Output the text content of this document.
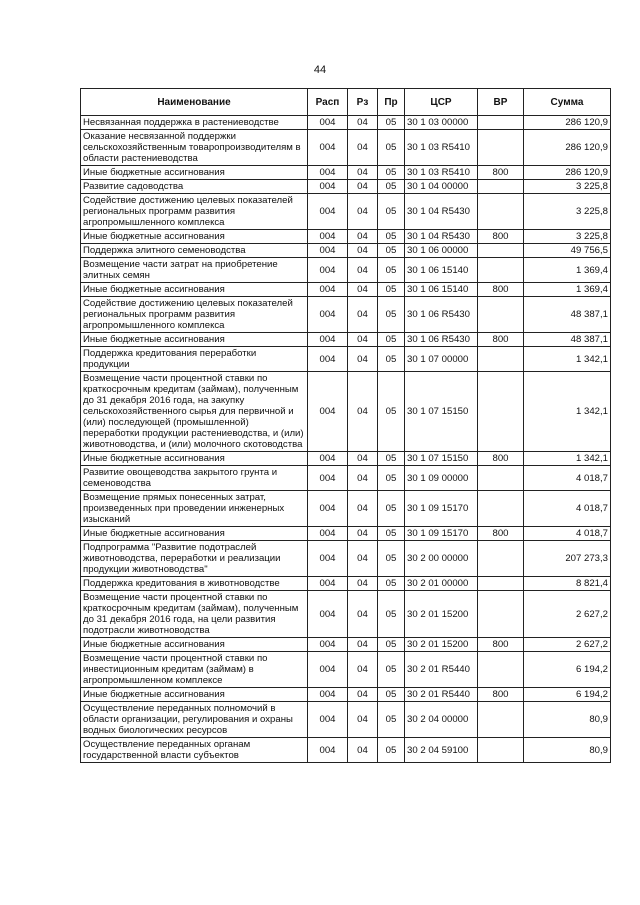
44
Наименование	Расп	Рз	Пр	ЦСР	ВР	Сумма
Несвязанная поддержка в растениеводстве	004	04	05	30 1 03 00000		286 120,9
Оказание несвязанной поддержки сельскохозяйственным товаропроизводителям в области растениеводства	004	04	05	30 1 03 R5410		286 120,9
Иные бюджетные ассигнования	004	04	05	30 1 03 R5410	800	286 120,9
Развитие садоводства	004	04	05	30 1 04 00000		3 225,8
Содействие достижению целевых показателей региональных программ развития агропромышленного комплекса	004	04	05	30 1 04 R5430		3 225,8
Иные бюджетные ассигнования	004	04	05	30 1 04 R5430	800	3 225,8
Поддержка элитного семеноводства	004	04	05	30 1 06 00000		49 756,5
Возмещение части затрат на приобретение элитных семян	004	04	05	30 1 06 15140		1 369,4
Иные бюджетные ассигнования	004	04	05	30 1 06 15140	800	1 369,4
Содействие достижению целевых показателей региональных программ развития агропромышленного комплекса	004	04	05	30 1 06 R5430		48 387,1
Иные бюджетные ассигнования	004	04	05	30 1 06 R5430	800	48 387,1
Поддержка кредитования переработки продукции	004	04	05	30 1 07 00000		1 342,1
Возмещение части процентной ставки по краткосрочным кредитам (займам), полученным до 31 декабря 2016 года, на закупку сельскохозяйственного сырья для первичной и (или) последующей (промышленной) переработки продукции растениеводства, и (или) животноводства, и (или) молочного скотоводства	004	04	05	30 1 07 15150		1 342,1
Иные бюджетные ассигнования	004	04	05	30 1 07 15150	800	1 342,1
Развитие овощеводства закрытого грунта и семеноводства	004	04	05	30 1 09 00000		4 018,7
Возмещение прямых понесенных затрат, произведенных при проведении инженерных изысканий	004	04	05	30 1 09 15170		4 018,7
Иные бюджетные ассигнования	004	04	05	30 1 09 15170	800	4 018,7
Подпрограмма "Развитие подотраслей животноводства, переработки и реализации продукции животноводства"	004	04	05	30 2 00 00000		207 273,3
Поддержка кредитования в животноводстве	004	04	05	30 2 01 00000		8 821,4
Возмещение части процентной ставки по краткосрочным кредитам (займам), полученным до 31 декабря 2016 года, на цели развития подотрасли животноводства	004	04	05	30 2 01 15200		2 627,2
Иные бюджетные ассигнования	004	04	05	30 2 01 15200	800	2 627,2
Возмещение части процентной ставки по инвестиционным кредитам (займам) в агропромышленном комплексе	004	04	05	30 2 01 R5440		6 194,2
Иные бюджетные ассигнования	004	04	05	30 2 01 R5440	800	6 194,2
Осуществление переданных полномочий в области организации, регулирования и охраны водных биологических ресурсов	004	04	05	30 2 04 00000		80,9
Осуществление переданных органам государственной власти субъектов	004	04	05	30 2 04 59100		80,9
